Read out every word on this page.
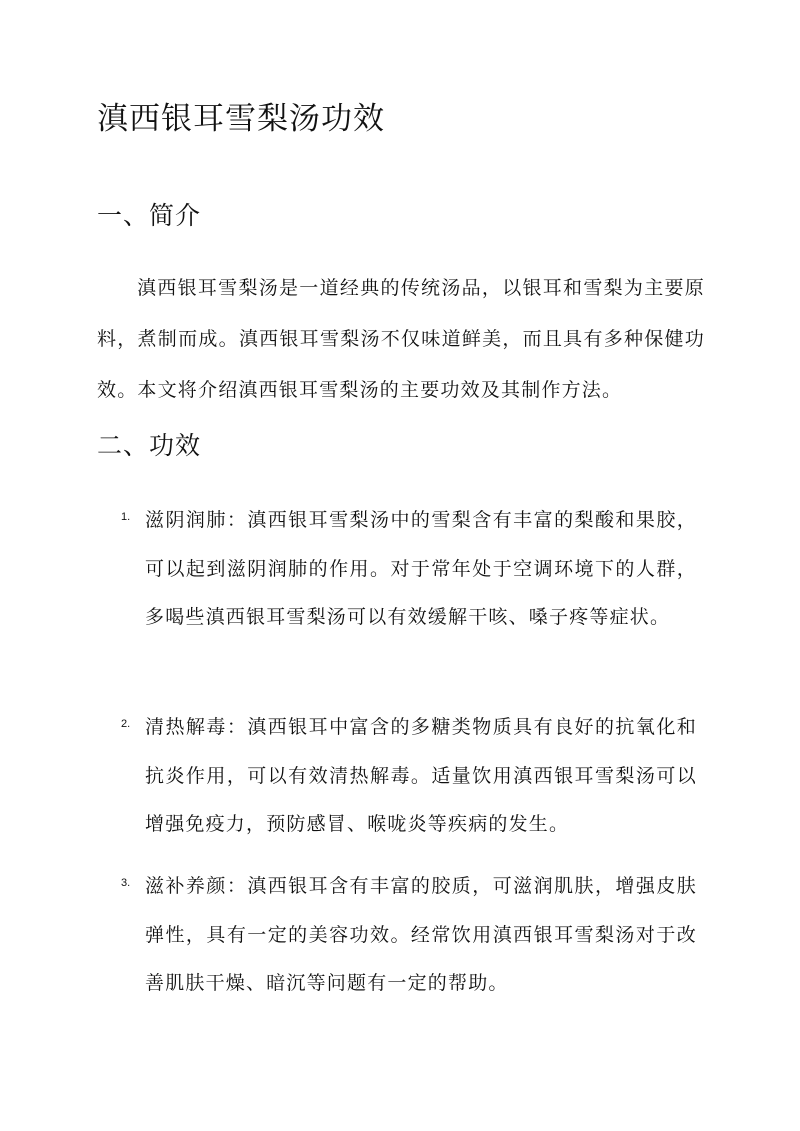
滇西银耳雪梨汤功效
一、简介

滇西银耳雪梨汤是一道经典的传统汤品，以银耳和雪梨为主要原料，煮制而成。滇西银耳雪梨汤不仅味道鲜美，而且具有多种保健功效。本文将介绍滇西银耳雪梨汤的主要功效及其制作方法。

二、功效
1. 滋阴润肺：滇西银耳雪梨汤中的雪梨含有丰富的梨酸和果胶，可以起到滋阴润肺的作用。对于常年处于空调环境下的人群，多喝些滇西银耳雪梨汤可以有效缓解干咳、嗓子疼等症状。

2. 清热解毒：滇西银耳中富含的多糖类物质具有良好的抗氧化和抗炎作用，可以有效清热解毒。适量饮用滇西银耳雪梨汤可以增强免疫力，预防感冒、喉咙炎等疾病的发生。

3. 滋补养颜：滇西银耳含有丰富的胶质，可滋润肌肤，增强皮肤弹性，具有一定的美容功效。经常饮用滇西银耳雪梨汤对于改善肌肤干燥、暗沉等问题有一定的帮助。
